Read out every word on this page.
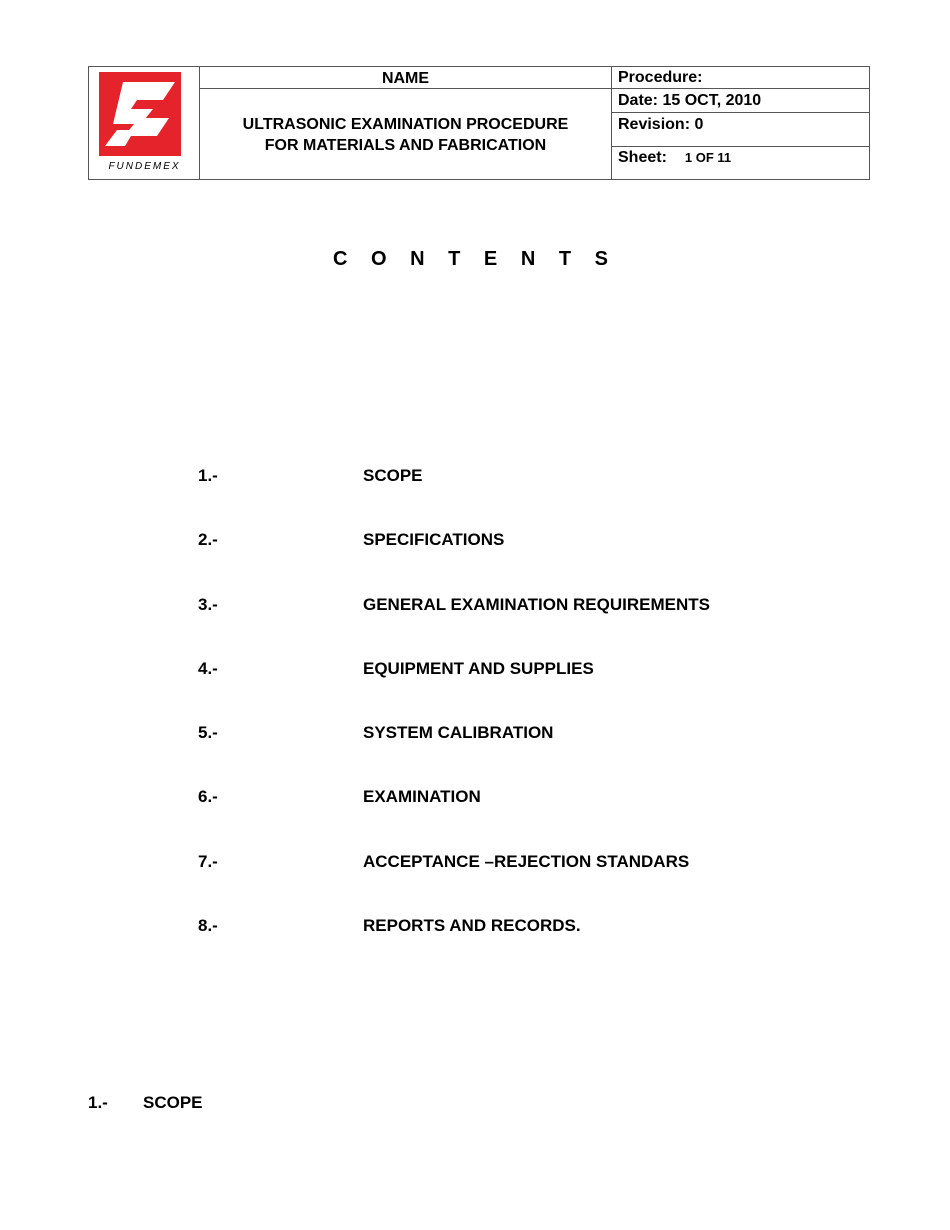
FUNDEMEX
NAME
ULTRASONIC EXAMINATION PROCEDURE
FOR MATERIALS AND FABRICATION
Procedure:
Date: 15 OCT, 2010
Revision: 0
Sheet: 1 OF 11
C O N T E N T S
1.-	SCOPE
2.-	SPECIFICATIONS
3.-	GENERAL EXAMINATION REQUIREMENTS
4.-	EQUIPMENT AND SUPPLIES
5.-	SYSTEM CALIBRATION
6.-	EXAMINATION
7.-	ACCEPTANCE –REJECTION STANDARS
8.-	REPORTS AND RECORDS.
1.- SCOPE
